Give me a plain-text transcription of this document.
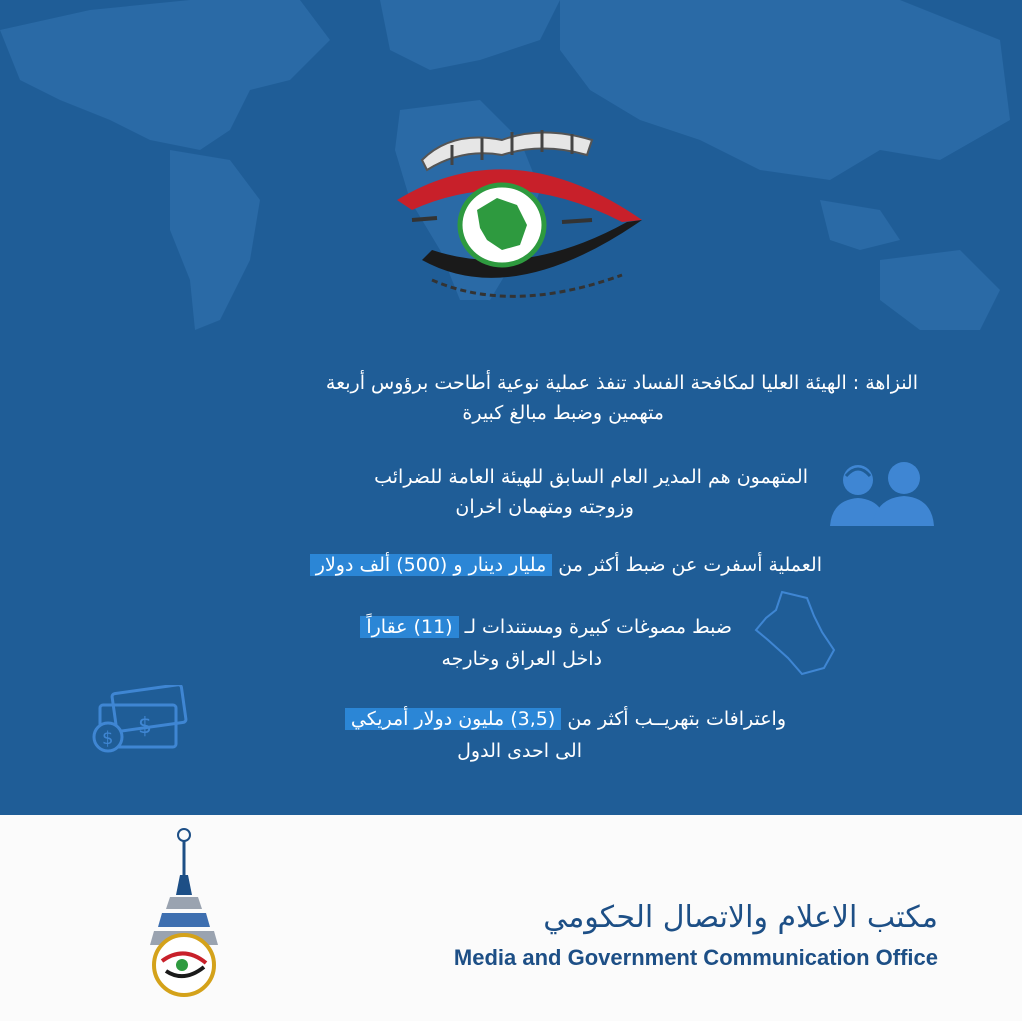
النزاهة : الهيئة العليا لمكافحة الفساد تنفذ عملية نوعية أطاحت برؤوس أربعة
متهمين وضبط مبالغ كبيرة
المتهمون هم المدير العام السابق للهيئة العامة للضرائب
وزوجته ومتهمان اخران
العملية أسفرت عن ضبط أكثر من مليار دينار و (500) ألف دولار
ضبط مصوغات كبيرة ومستندات لـ (11) عقاراً
داخل العراق وخارجه
$
$
واعترافات بتهريــب أكثر من (3,5) مليون دولار أمريكي
الى احدى الدول
مكتب الاعلام والاتصال الحكومي
Media and Government Communication Office
